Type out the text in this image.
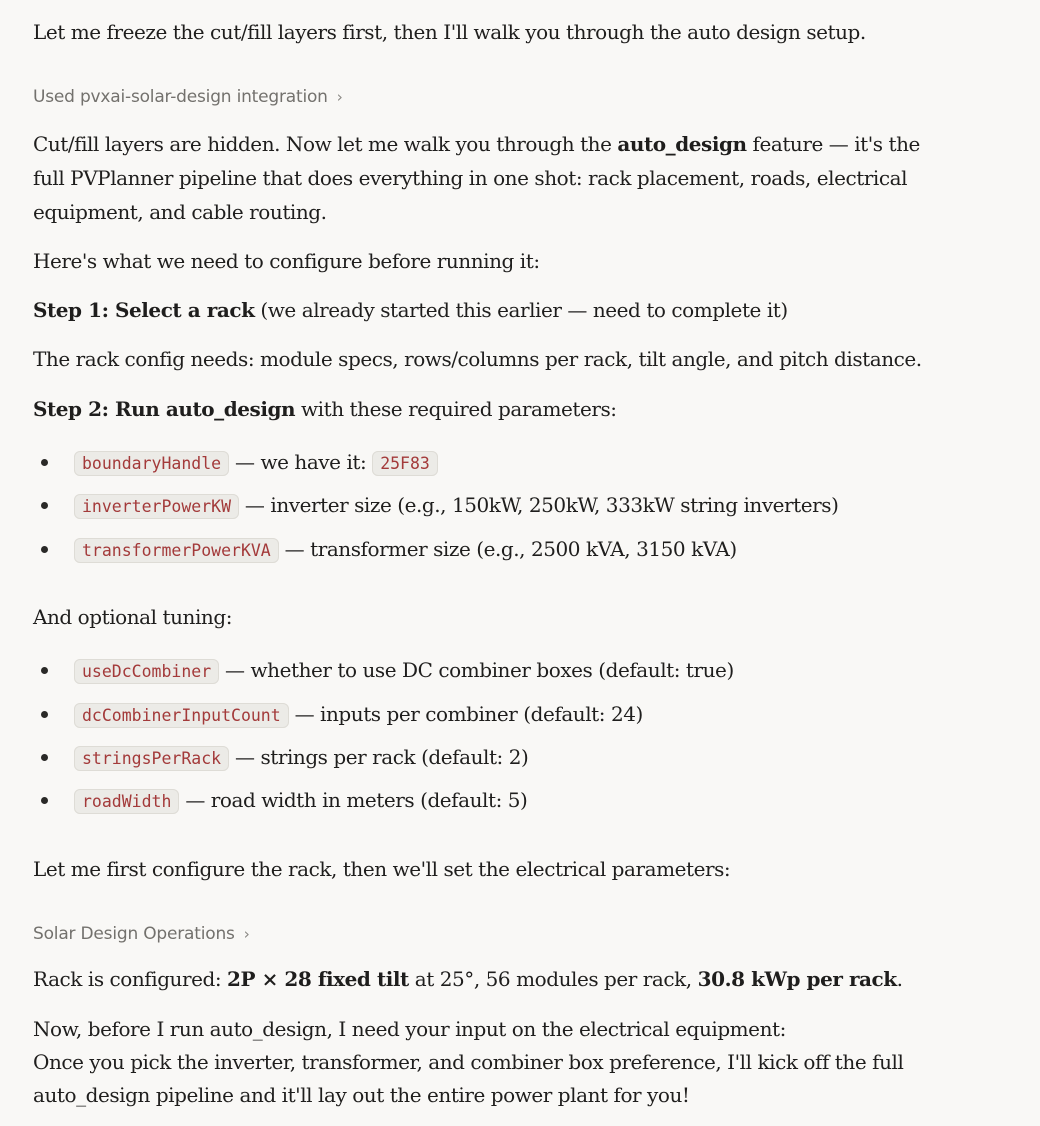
Let me freeze the cut/fill layers first, then I'll walk you through the auto design setup.
Used pvxai-solar-design integration ›
Cut/fill layers are hidden. Now let me walk you through the auto_design feature — it's the
full PVPlanner pipeline that does everything in one shot: rack placement, roads, electrical
equipment, and cable routing.
Here's what we need to configure before running it:
Step 1: Select a rack (we already started this earlier — need to complete it)
The rack config needs: module specs, rows/columns per rack, tilt angle, and pitch distance.
Step 2: Run auto_design with these required parameters:
boundaryHandle — we have it: 25F83
inverterPowerKW — inverter size (e.g., 150kW, 250kW, 333kW string inverters)
transformerPowerKVA — transformer size (e.g., 2500 kVA, 3150 kVA)
And optional tuning:
useDcCombiner — whether to use DC combiner boxes (default: true)
dcCombinerInputCount — inputs per combiner (default: 24)
stringsPerRack — strings per rack (default: 2)
roadWidth — road width in meters (default: 5)
Let me first configure the rack, then we'll set the electrical parameters:
Solar Design Operations ›
Rack is configured: 2P × 28 fixed tilt at 25°, 56 modules per rack, 30.8 kWp per rack.
Now, before I run auto_design, I need your input on the electrical equipment:
Once you pick the inverter, transformer, and combiner box preference, I'll kick off the full
auto_design pipeline and it'll lay out the entire power plant for you!
